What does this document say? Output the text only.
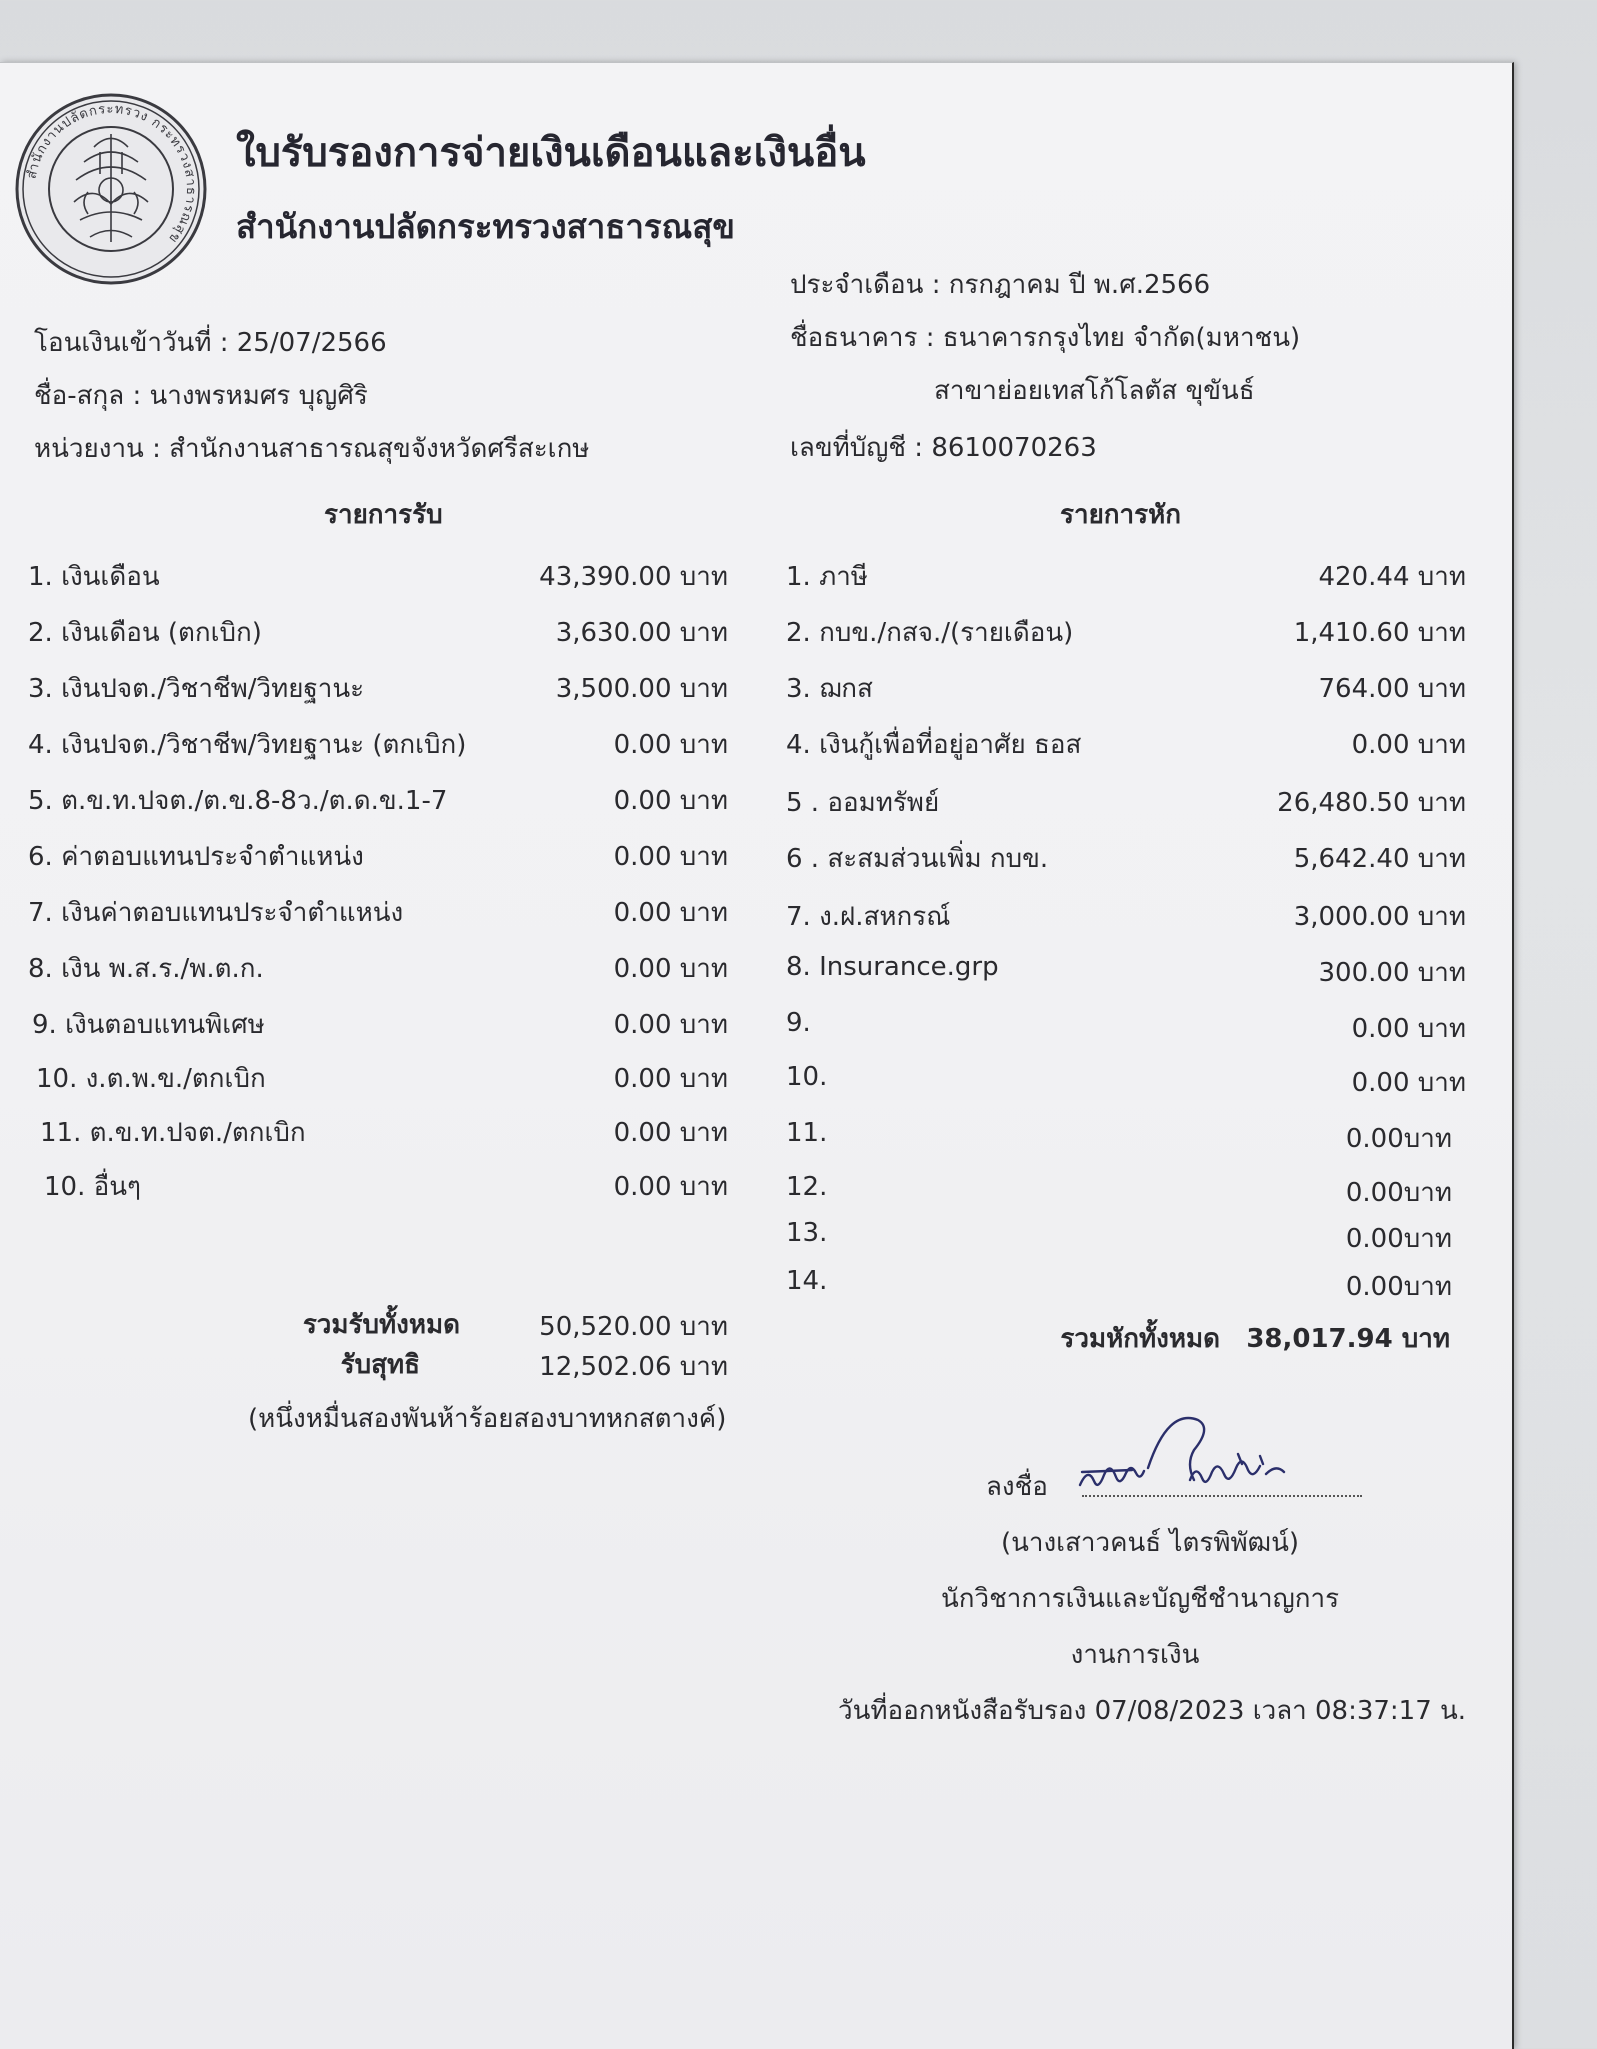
สำนักงานปลัดกระทรวง กระทรวงสาธารณสุข
ใบรับรองการจ่ายเงินเดือนและเงินอื่น
สำนักงานปลัดกระทรวงสาธารณสุข
ประจำเดือน : กรกฎาคม ปี พ.ศ.2566
โอนเงินเข้าวันที่ : 25/07/2566	ชื่อธนาคาร : ธนาคารกรุงไทย จำกัด(มหาชน)
ชื่อ-สกุล : นางพรหมศร บุญศิริ	สาขาย่อยเทสโก้โลตัส ขุขันธ์
หน่วยงาน : สำนักงานสาธารณสุขจังหวัดศรีสะเกษ	เลขที่บัญชี : 8610070263
รายการรับ	รายการหัก
1. เงินเดือน	43,390.00 บาท
2. เงินเดือน (ตกเบิก)	3,630.00 บาท
3. เงินปจต./วิชาชีพ/วิทยฐานะ	3,500.00 บาท
4. เงินปจต./วิชาชีพ/วิทยฐานะ (ตกเบิก)	0.00 บาท
5. ต.ข.ท.ปจต./ต.ข.8-8ว./ต.ด.ข.1-7	0.00 บาท
6. ค่าตอบแทนประจำตำแหน่ง	0.00 บาท
7. เงินค่าตอบแทนประจำตำแหน่ง	0.00 บาท
8. เงิน พ.ส.ร./พ.ต.ก.	0.00 บาท
9. เงินตอบแทนพิเศษ	0.00 บาท
10. ง.ต.พ.ข./ตกเบิก	0.00 บาท
11. ต.ข.ท.ปจต./ตกเบิก	0.00 บาท
10. อื่นๆ	0.00 บาท
1. ภาษี	420.44 บาท
2. กบข./กสจ./(รายเดือน)	1,410.60 บาท
3. ฌกส	764.00 บาท
4. เงินกู้เพื่อที่อยู่อาศัย ธอส	0.00 บาท
5 . ออมทรัพย์	26,480.50 บาท
6 . สะสมส่วนเพิ่ม กบข.	5,642.40 บาท
7. ง.ฝ.สหกรณ์	3,000.00 บาท
8. Insurance.grp	300.00 บาท
9.	0.00 บาท
10.	0.00 บาท
11.	0.00บาท
12.	0.00บาท
13.	0.00บาท
14.	0.00บาท
รวมรับทั้งหมด	50,520.00 บาท
รับสุทธิ	12,502.06 บาท
(หนึ่งหมื่นสองพันห้าร้อยสองบาทหกสตางค์)
รวมหักทั้งหมด 38,017.94 บาท
ลงชื่อ
(นางเสาวคนธ์ ไตรพิพัฒน์)
นักวิชาการเงินและบัญชีชำนาญการ
งานการเงิน
วันที่ออกหนังสือรับรอง 07/08/2023 เวลา 08:37:17 น.
